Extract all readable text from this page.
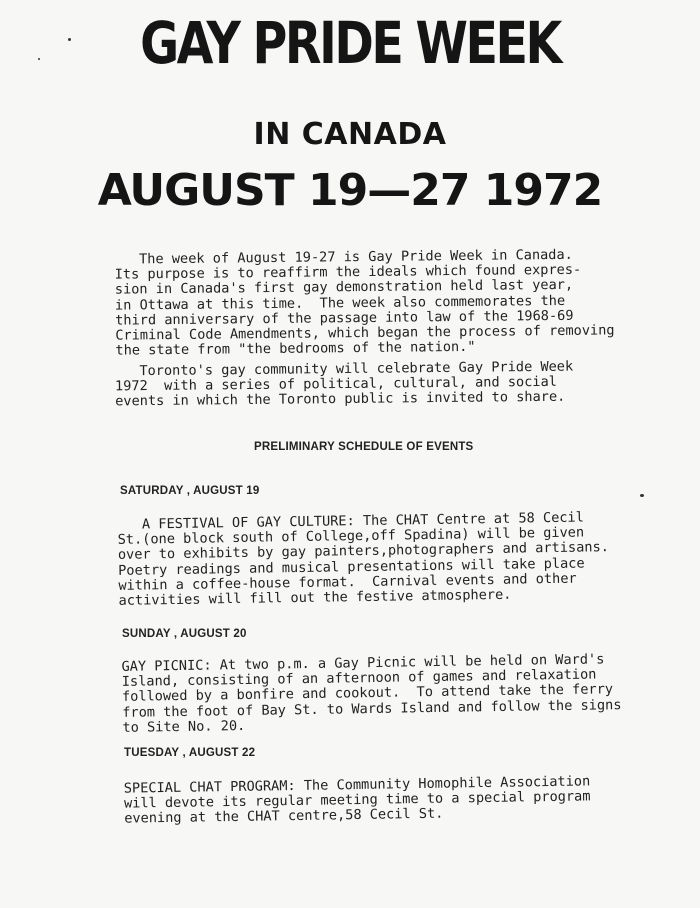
GAY PRIDE WEEK
IN CANADA
AUGUST 19—27 1972
The week of August 19-27 is Gay Pride Week in Canada.
Its purpose is to reaffirm the ideals which found expres-
sion in Canada's first gay demonstration held last year,
in Ottawa at this time.  The week also commemorates the
third anniversary of the passage into law of the 1968-69
Criminal Code Amendments, which began the process of removing
the state from "the bedrooms of the nation."
Toronto's gay community will celebrate Gay Pride Week
1972  with a series of political, cultural, and social
events in which the Toronto public is invited to share.
PRELIMINARY SCHEDULE OF EVENTS
SATURDAY , AUGUST 19
A FESTIVAL OF GAY CULTURE: The CHAT Centre at 58 Cecil
St.(one block south of College,off Spadina) will be given
over to exhibits by gay painters,photographers and artisans.
Poetry readings and musical presentations will take place
within a coffee-house format.  Carnival events and other
activities will fill out the festive atmosphere.
SUNDAY , AUGUST 20
GAY PICNIC: At two p.m. a Gay Picnic will be held on Ward's
Island, consisting of an afternoon of games and relaxation
followed by a bonfire and cookout.  To attend take the ferry
from the foot of Bay St. to Wards Island and follow the signs
to Site No. 20.
TUESDAY , AUGUST 22
SPECIAL CHAT PROGRAM: The Community Homophile Association
will devote its regular meeting time to a special program
evening at the CHAT centre,58 Cecil St.
